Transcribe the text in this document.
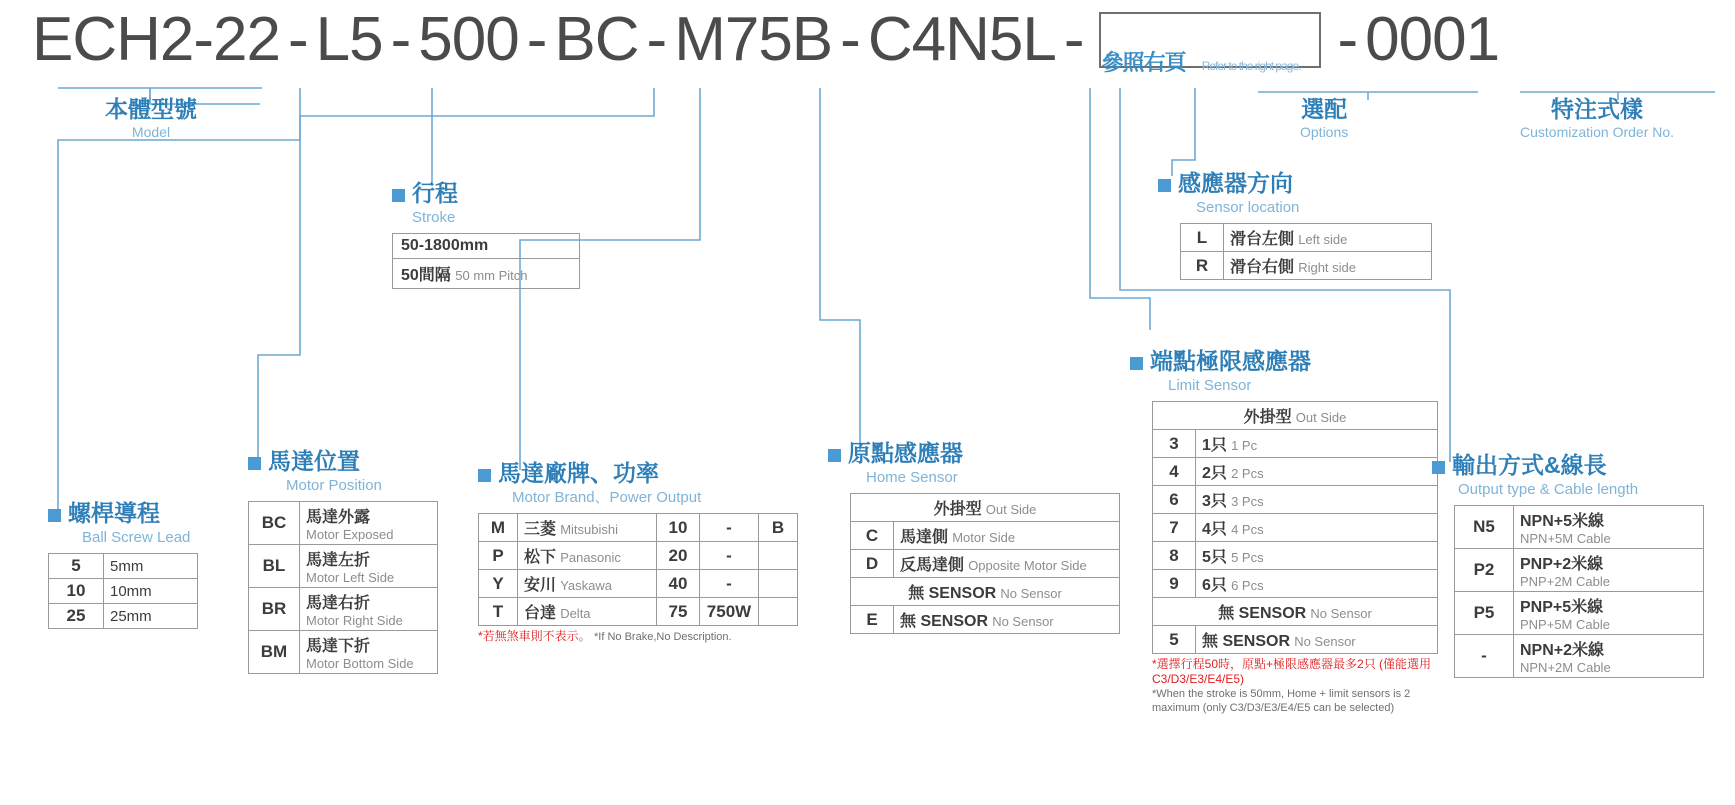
ECH2-22 - L5 - 500 - BC - M75B - C4N5L - 參照右頁 Refer to the right page. - 0001
本體型號
Model
選配
Options
特注式樣
Customization Order No.
感應器方向
Sensor location
L	滑台左側 Left side
R	滑台右側 Right side
行程
Stroke
50-1800mm
50間隔 50 mm Pitch
端點極限感應器
Limit Sensor
外掛型 Out Side	
3	1只 1 Pc
4	2只 2 Pcs
6	3只 3 Pcs
7	4只 4 Pcs
8	5只 5 Pcs
9	6只 6 Pcs
無 SENSOR No Sensor	
5	無 SENSOR No Sensor
*選擇行程50時，原點+極限感應器最多2只 (僅能選用C3/D3/E3/E4/E5)
*When the stroke is 50mm, Home + limit sensors is 2 maximum (only C3/D3/E3/E4/E5 can be selected)
馬達位置
Motor Position
BC	馬達外露
Motor Exposed

BL	馬達左折
Motor Left Side

BR	馬達右折
Motor Right Side

BM	馬達下折
Motor Bottom Side
馬達廠牌、功率
Motor Brand、Power Output
M	三菱 Mitsubishi	10	-	B
P	松下 Panasonic	20	-	
Y	安川 Yaskawa	40	-	
T	台達 Delta	75	750W	
*若無煞車則不表示。 *If No Brake,No Description.
原點感應器
Home Sensor
外掛型 Out Side	
C	馬達側 Motor Side
D	反馬達側 Opposite Motor Side
無 SENSOR No Sensor	
E	無 SENSOR No Sensor
輸出方式&線長
Output type & Cable length
N5	NPN+5米線
NPN+5M Cable

P2	PNP+2米線
PNP+2M Cable

P5	PNP+5米線
PNP+5M Cable

-	NPN+2米線
NPN+2M Cable
螺桿導程
Ball Screw Lead
5	5mm
10	10mm
25	25mm
